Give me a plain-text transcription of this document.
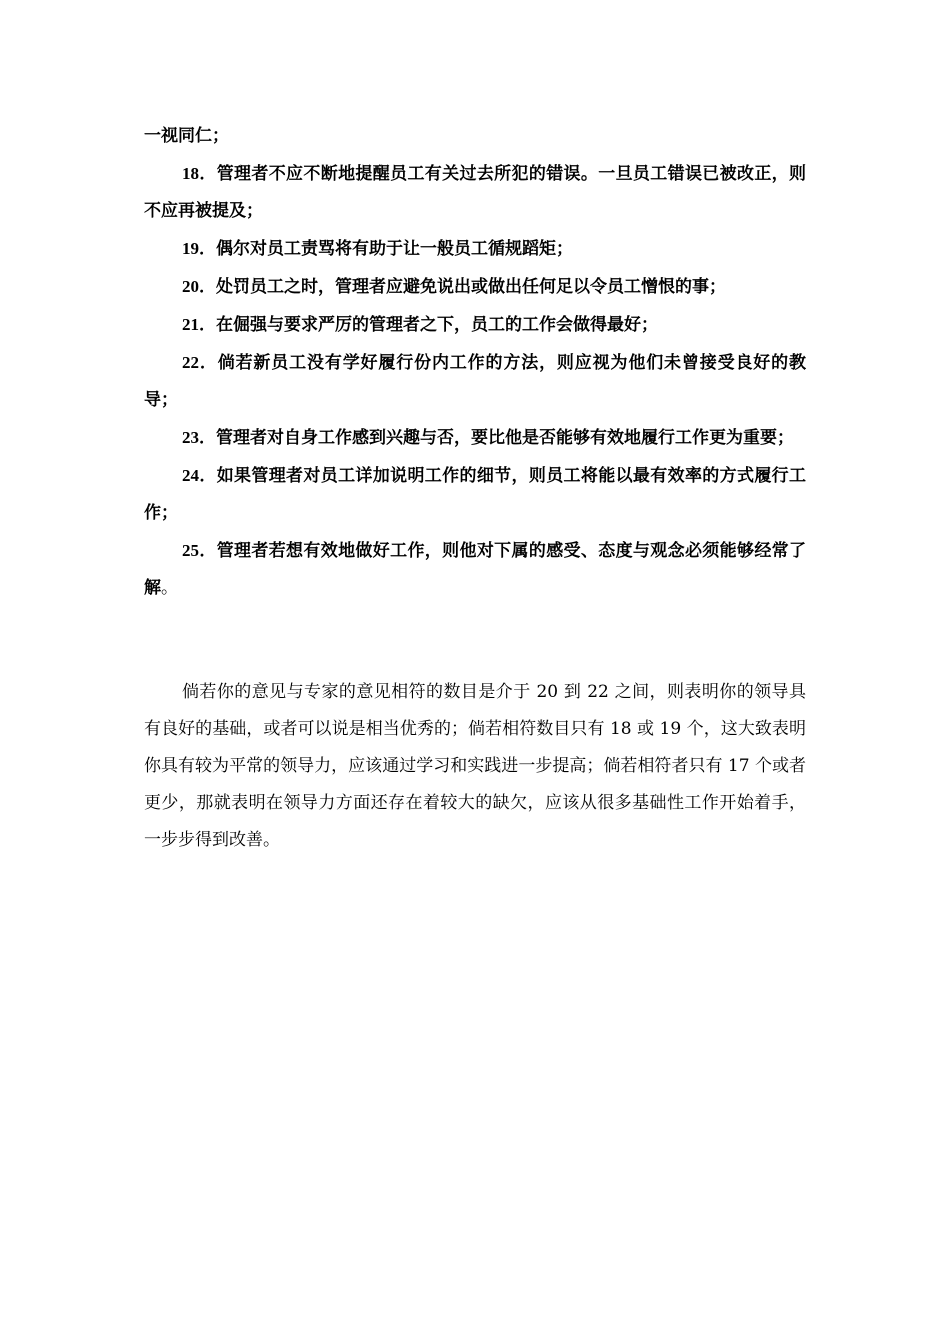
一视同仁；

18．管理者不应不断地提醒员工有关过去所犯的错误。一旦员工错误已被改正，则不应再被提及；

19．偶尔对员工责骂将有助于让一般员工循规蹈矩；

20．处罚员工之时，管理者应避免说出或做出任何足以令员工憎恨的事；

21．在倔强与要求严厉的管理者之下，员工的工作会做得最好；

22．倘若新员工没有学好履行份内工作的方法，则应视为他们未曾接受良好的教导；

23．管理者对自身工作感到兴趣与否，要比他是否能够有效地履行工作更为重要；

24．如果管理者对员工详加说明工作的细节，则员工将能以最有效率的方式履行工作；

25．管理者若想有效地做好工作，则他对下属的感受、态度与观念必须能够经常了解。

倘若你的意见与专家的意见相符的数目是介于 20 到 22 之间，则表明你的领导具有良好的基础，或者可以说是相当优秀的；倘若相符数目只有 18 或 19 个，这大致表明你具有较为平常的领导力，应该通过学习和实践进一步提高；倘若相符者只有 17 个或者更少，那就表明在领导力方面还存在着较大的缺欠，应该从很多基础性工作开始着手，一步步得到改善。
